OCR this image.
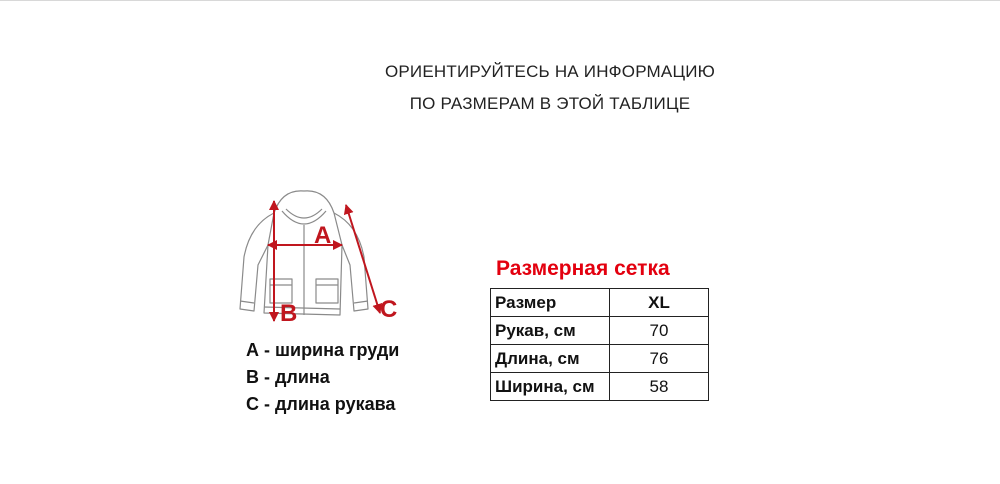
ОРИЕНТИРУЙТЕСЬ НА ИНФОРМАЦИЮ
ПО РАЗМЕРАМ В ЭТОЙ ТАБЛИЦЕ
A
B	C
А - ширина груди
В - длина
С - длина рукава
Размерная сетка
Размер	XL
Рукав, см	70
Длина, см	76
Ширина, см	58
